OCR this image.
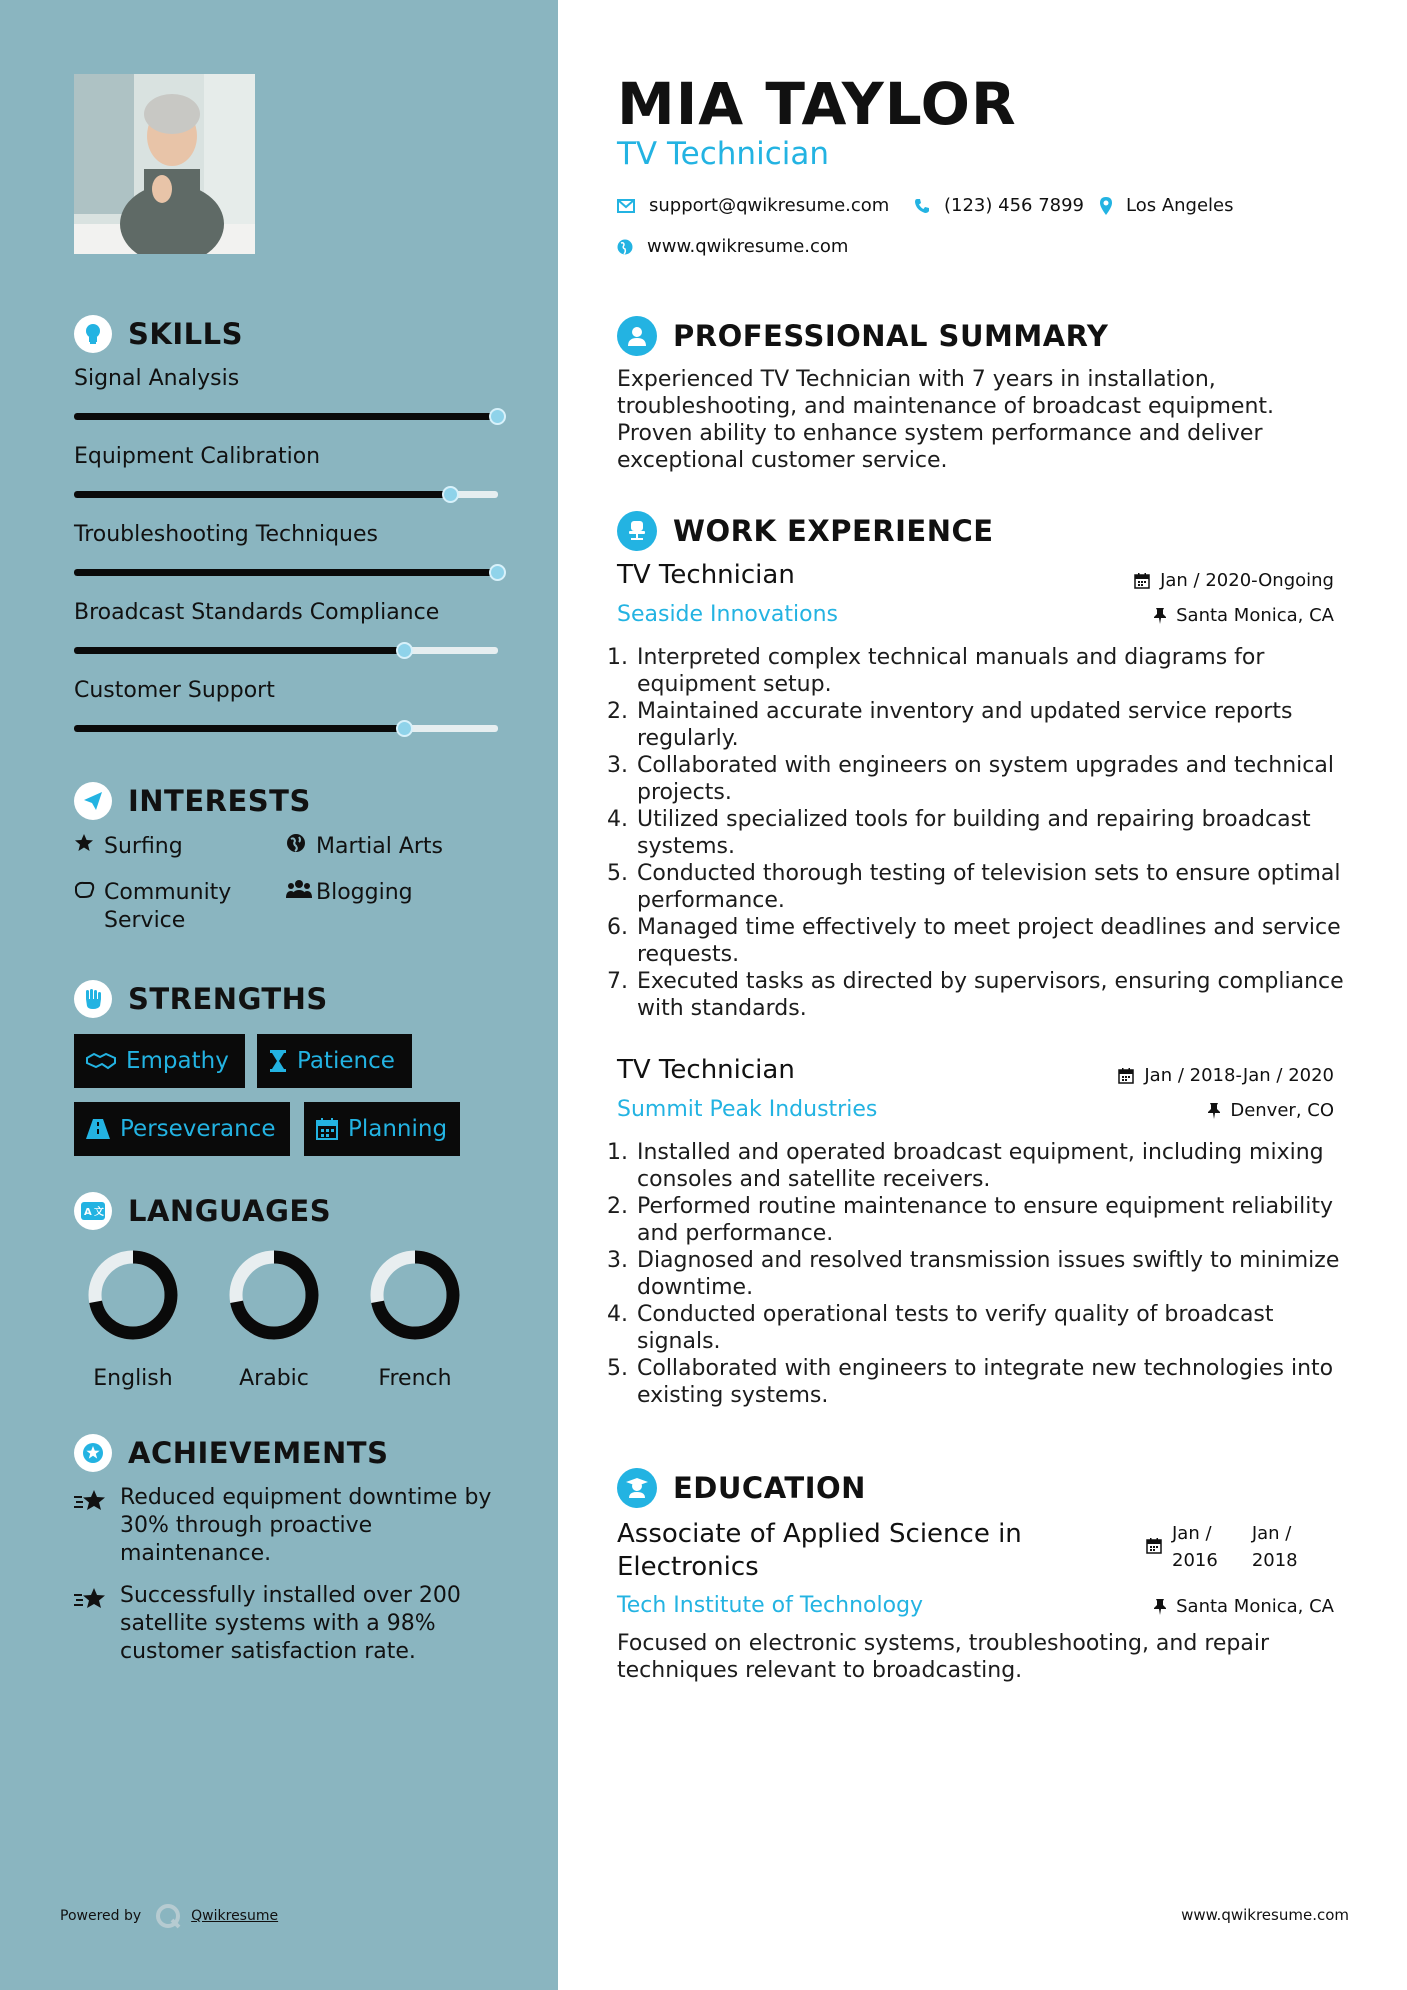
SKILLS
Signal Analysis
Equipment Calibration
Troubleshooting Techniques
Broadcast Standards Compliance
Customer Support
INTERESTS
Surfing	Martial Arts
Community Service
Blogging
STRENGTHS
Empathy	Patience
Perseverance	Planning
A 文 LANGUAGES
English	Arabic	French
ACHIEVEMENTS
Reduced equipment downtime by 30% through proactive maintenance.
Successfully installed over 200 satellite systems with a 98% customer satisfaction rate.
Powered by	Qwikresume
MIA TAYLOR
TV Technician
support@qwikresume.com	(123) 456 7899 Los Angeles
www.qwikresume.com
PROFESSIONAL SUMMARY
Experienced TV Technician with 7 years in installation, troubleshooting, and maintenance of broadcast equipment. Proven ability to enhance system performance and deliver exceptional customer service.
WORK EXPERIENCE
TV Technician	Jan / 2020-Ongoing
Seaside Innovations	Santa Monica, CA
1. Interpreted complex technical manuals and diagrams for equipment setup.
2. Maintained accurate inventory and updated service reports regularly.
3. Collaborated with engineers on system upgrades and technical projects.
4. Utilized specialized tools for building and repairing broadcast systems.
5. Conducted thorough testing of television sets to ensure optimal performance.
6. Managed time effectively to meet project deadlines and service requests.
7. Executed tasks as directed by supervisors, ensuring compliance with standards.
TV Technician	Jan / 2018-Jan / 2020
Summit Peak Industries	Denver, CO
1. Installed and operated broadcast equipment, including mixing consoles and satellite receivers.
2. Performed routine maintenance to ensure equipment reliability and performance.
3. Diagnosed and resolved transmission issues swiftly to minimize downtime.
4. Conducted operational tests to verify quality of broadcast signals.
5. Collaborated with engineers to integrate new technologies into existing systems.
EDUCATION
Associate of Applied Science in Electronics
Jan /
2016
Jan /
2018
Tech Institute of Technology	Santa Monica, CA
Focused on electronic systems, troubleshooting, and repair techniques relevant to broadcasting.
www.qwikresume.com
